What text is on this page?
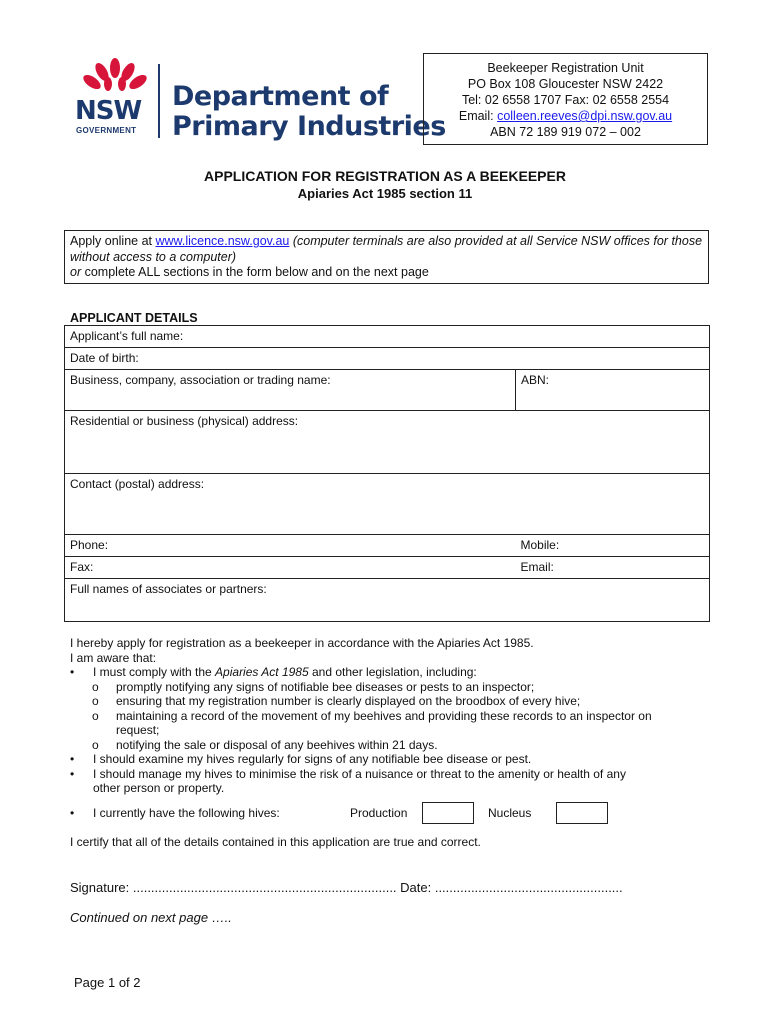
NSW
GOVERNMENT
Department of
Primary Industries
Beekeeper Registration Unit
PO Box 108 Gloucester NSW 2422
Tel: 02 6558 1707 Fax: 02 6558 2554
Email: colleen.reeves@dpi.nsw.gov.au
ABN 72 189 919 072 – 002
APPLICATION FOR REGISTRATION AS A BEEKEEPER
Apiaries Act 1985 section 11
Apply online at www.licence.nsw.gov.au (computer terminals are also provided at all Service NSW offices for those without access to a computer)
or complete ALL sections in the form below and on the next page
APPLICANT DETAILS
Applicant’s full name:	
Date of birth:	
Business, company, association or trading name:	ABN:
Residential or business (physical) address:	
Contact (postal) address:	
Phone:	Mobile:
Fax:	Email:
Full names of associates or partners:	
I hereby apply for registration as a beekeeper in accordance with the Apiaries Act 1985.
I am aware that:
• I must comply with the Apiaries Act 1985 and other legislation, including:
o promptly notifying any signs of notifiable bee diseases or pests to an inspector;
o ensuring that my registration number is clearly displayed on the broodbox of every hive;
o maintaining a record of the movement of my beehives and providing these records to an inspector on
request;
o notifying the sale or disposal of any beehives within 21 days.
• I should examine my hives regularly for signs of any notifiable bee disease or pest.
• I should manage my hives to minimise the risk of a nuisance or threat to the amenity or health of any
other person or property.
• I currently have the following hives:	Production	Nucleus
I certify that all of the details contained in this application are true and correct.
Signature: ......................................................................... Date: ....................................................
Continued on next page …..
Page 1 of 2
